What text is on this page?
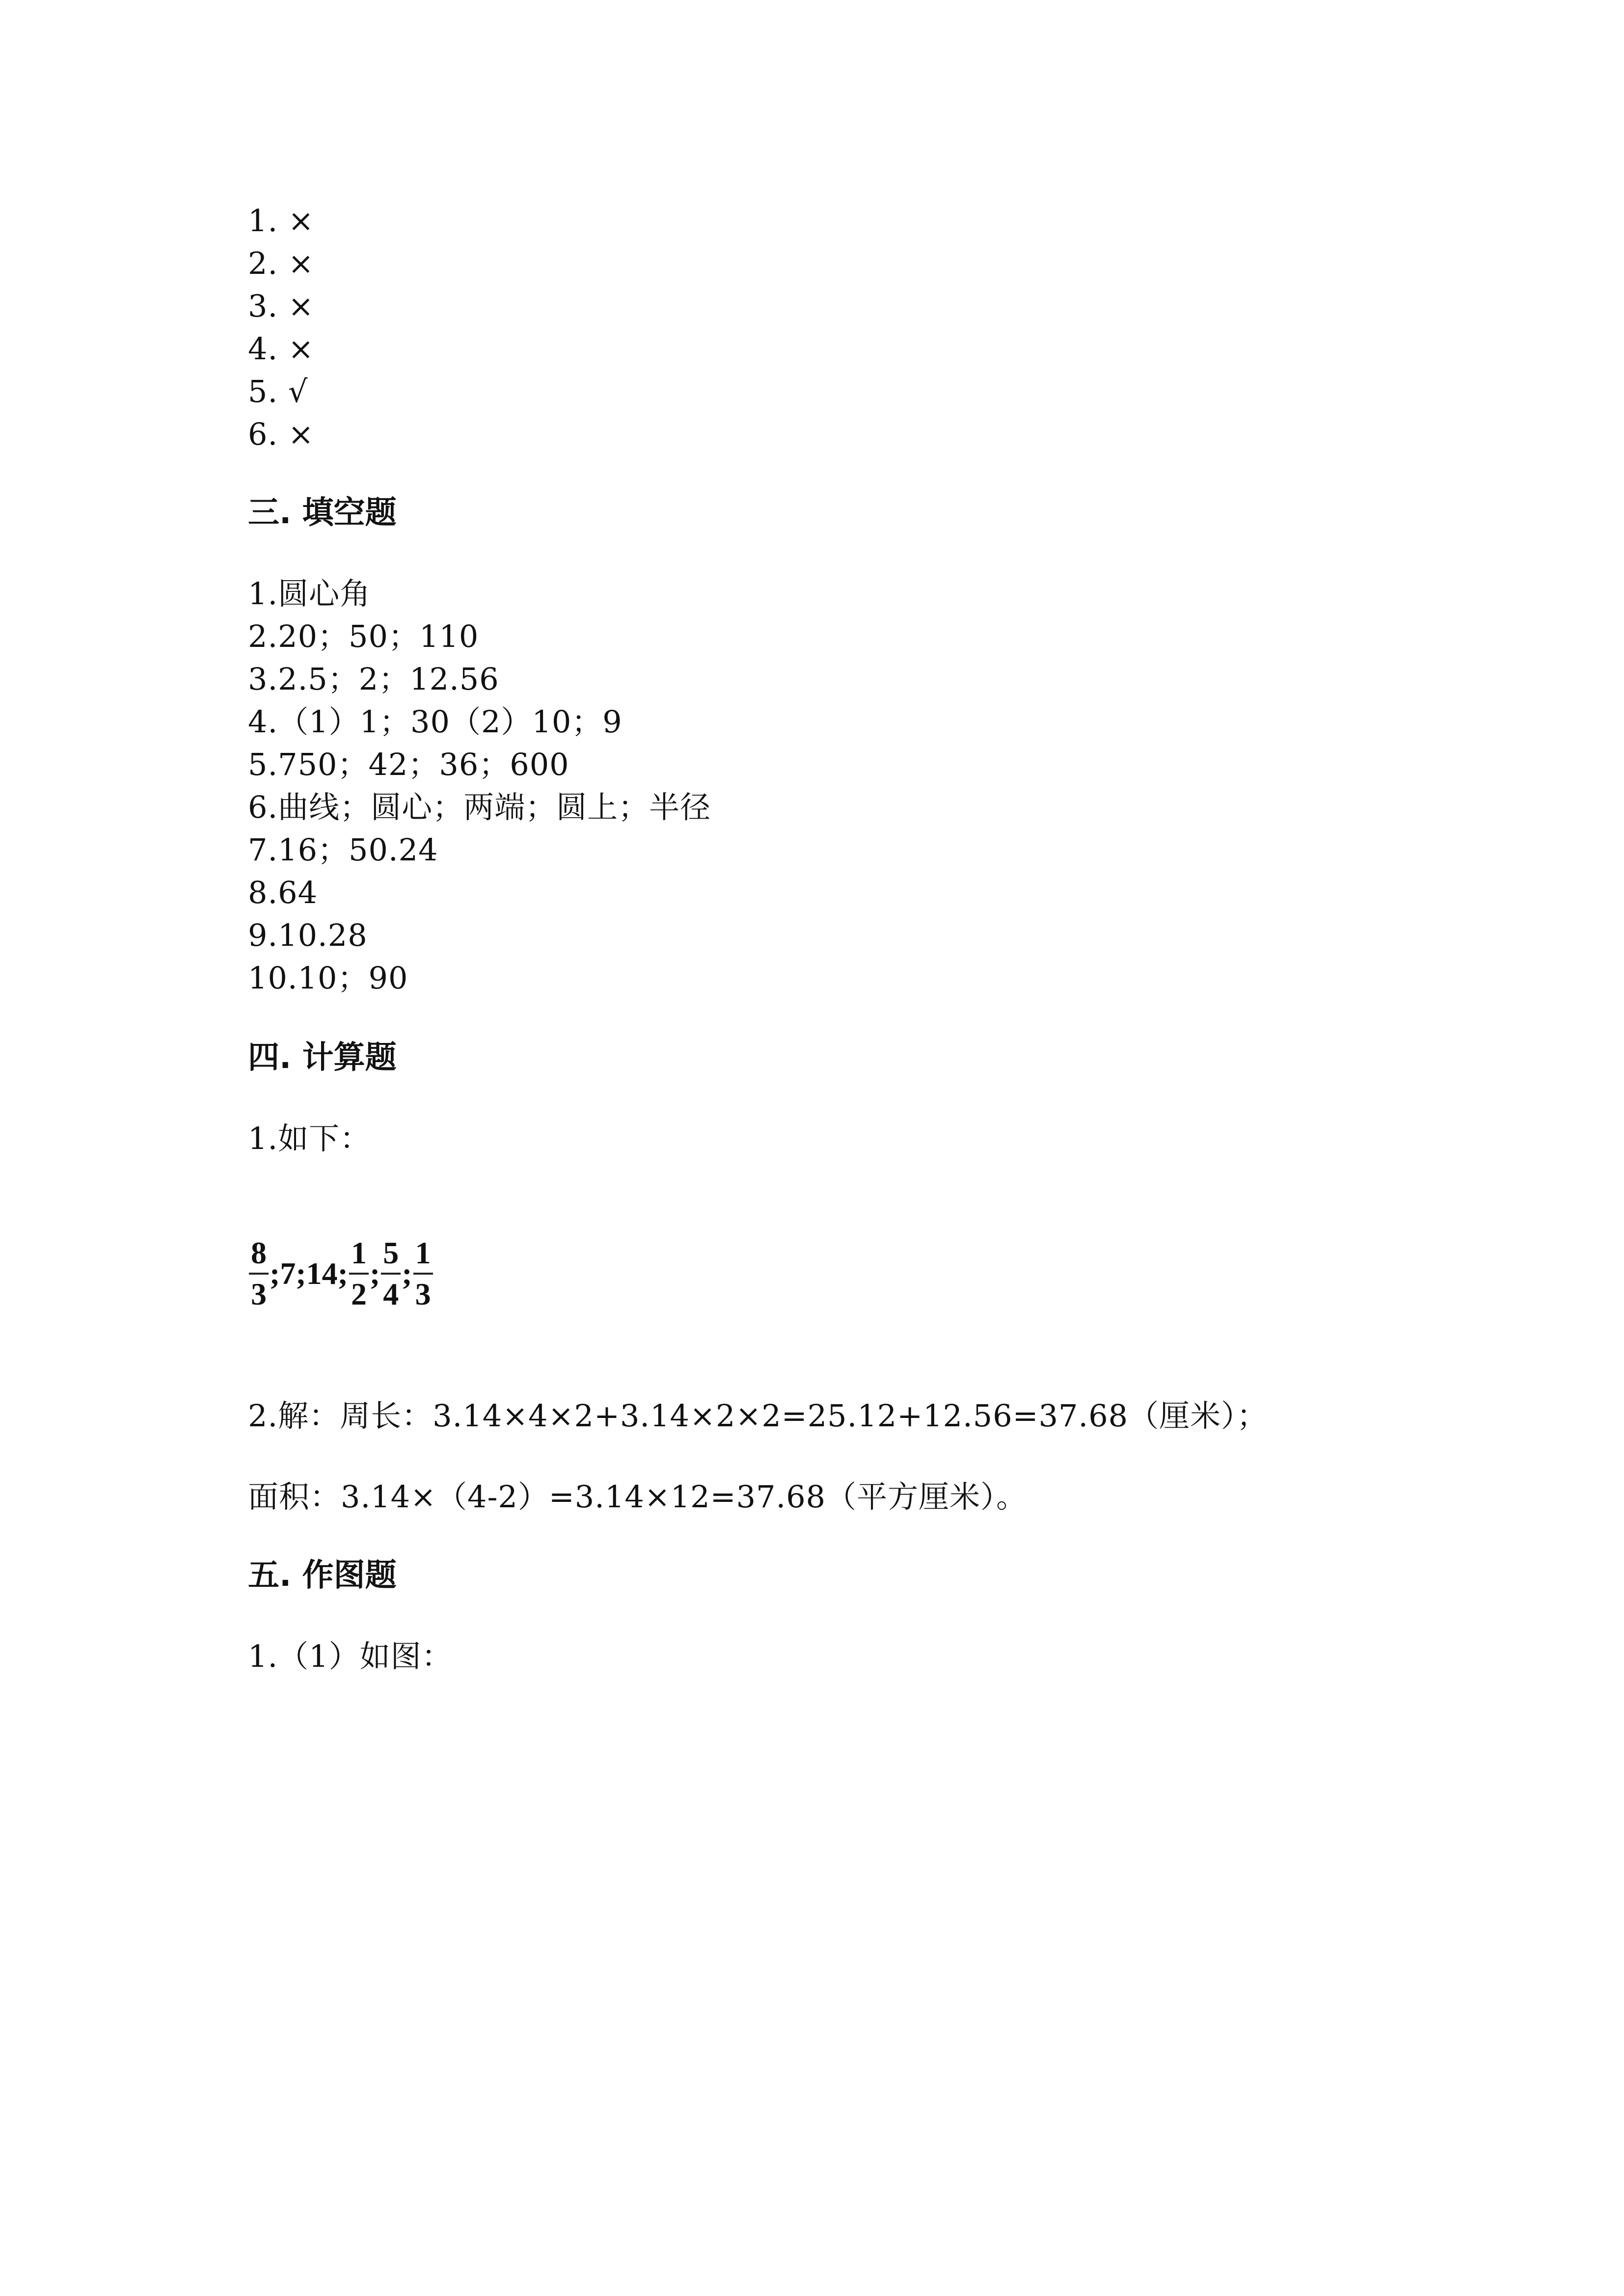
1. ×
2. ×
3. ×
4. ×
5. √
6. ×
三. 填空题
1.圆心角
2.20；50；110
3.2.5；2；12.56
4.（1）1；30（2）10；9
5.750；42；36；600
6.曲线；圆心；两端；圆上；半径
7.16；50.24
8.64
9.10.28
10.10；90
四. 计算题
1.如下：
$\frac{8}{3}$ ;7;14; $\frac{1}{2}$ ; $\frac{5}{4}$ ; $\frac{1}{3}$
2.解：周长：3.14×4×2+3.14×2×2=25.12+12.56=37.68（厘米）；
面积：3.14×（4-2）=3.14×12=37.68（平方厘米）。
五. 作图题
1.（1）如图：
